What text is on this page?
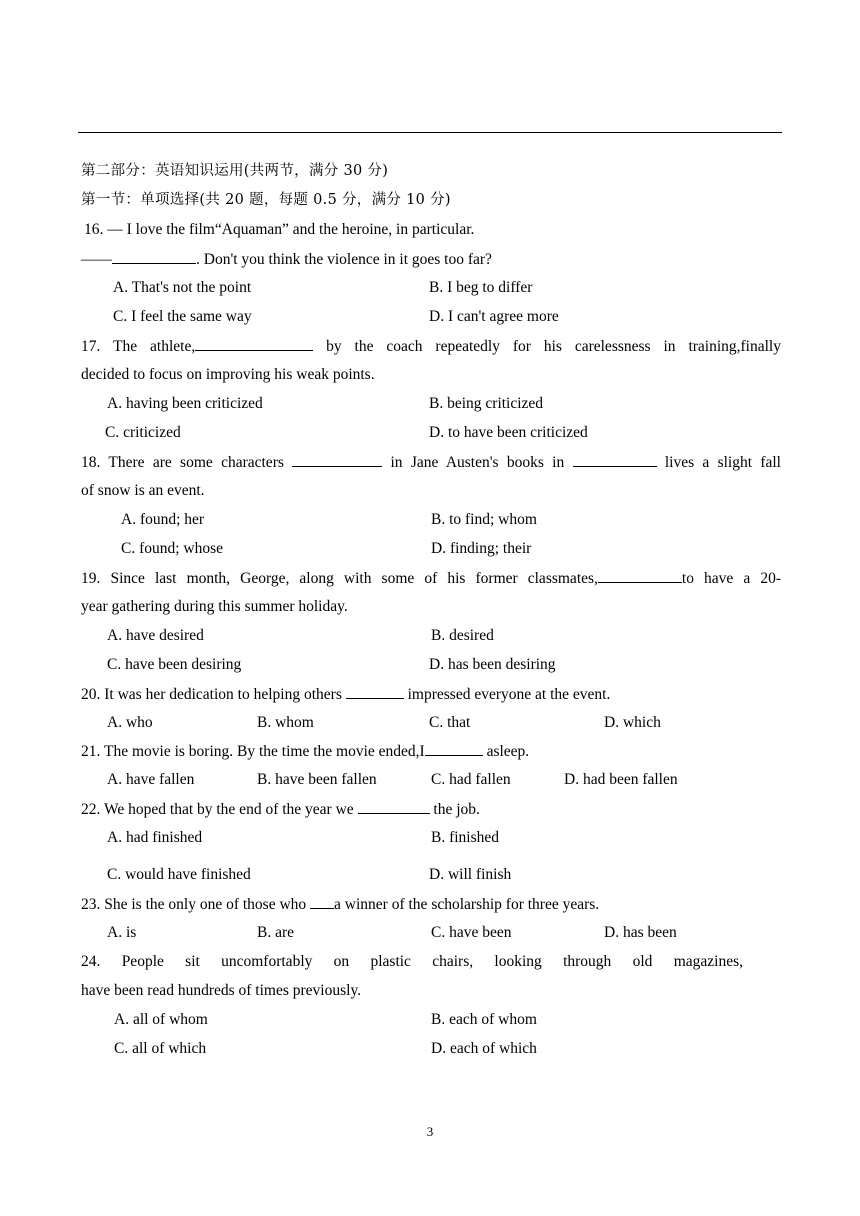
第二部分：英语知识运用(共两节，满分 30 分)
第一节：单项选择(共 20 题，每题 0.5 分，满分 10 分)
16. — I love the film“Aquaman” and the heroine, in particular.
——	. Don't you think the violence in it goes too far?
A. That's not the point	B. I beg to differ
C. I feel the same way	D. I can't agree more
17. The athlete,	by the coach repeatedly for his carelessness in training,finally
decided to focus on improving his weak points.
A. having been criticized	B. being criticized
C. criticized	D. to have been criticized
18. There are some characters	in Jane Austen's books in	lives a slight fall
of snow is an event.
A. found; her	B. to find; whom
C. found; whose	D. finding; their
19. Since last month, George, along with some of his former classmates,	to have a 20-
year gathering during this summer holiday.
A. have desired	B. desired
C. have been desiring	D. has been desiring
20. It was her dedication to helping others	impressed everyone at the event.
A. who	B. whom	C. that	D. which
21. The movie is boring. By the time the movie ended,I	asleep.
A. have fallen	B. have been fallen	C. had fallen	D. had been fallen
22. We hoped that by the end of the year we	the job.
A. had finished	B. finished
C. would have finished	D. will finish
23. She is the only one of those who a winner of the scholarship for three years.
A. is	B. are	C. have been	D. has been
24. People sit uncomfortably on plastic chairs, looking through old magazines,
have been read hundreds of times previously.
A. all of whom	B. each of whom
C. all of which	D. each of which
3
